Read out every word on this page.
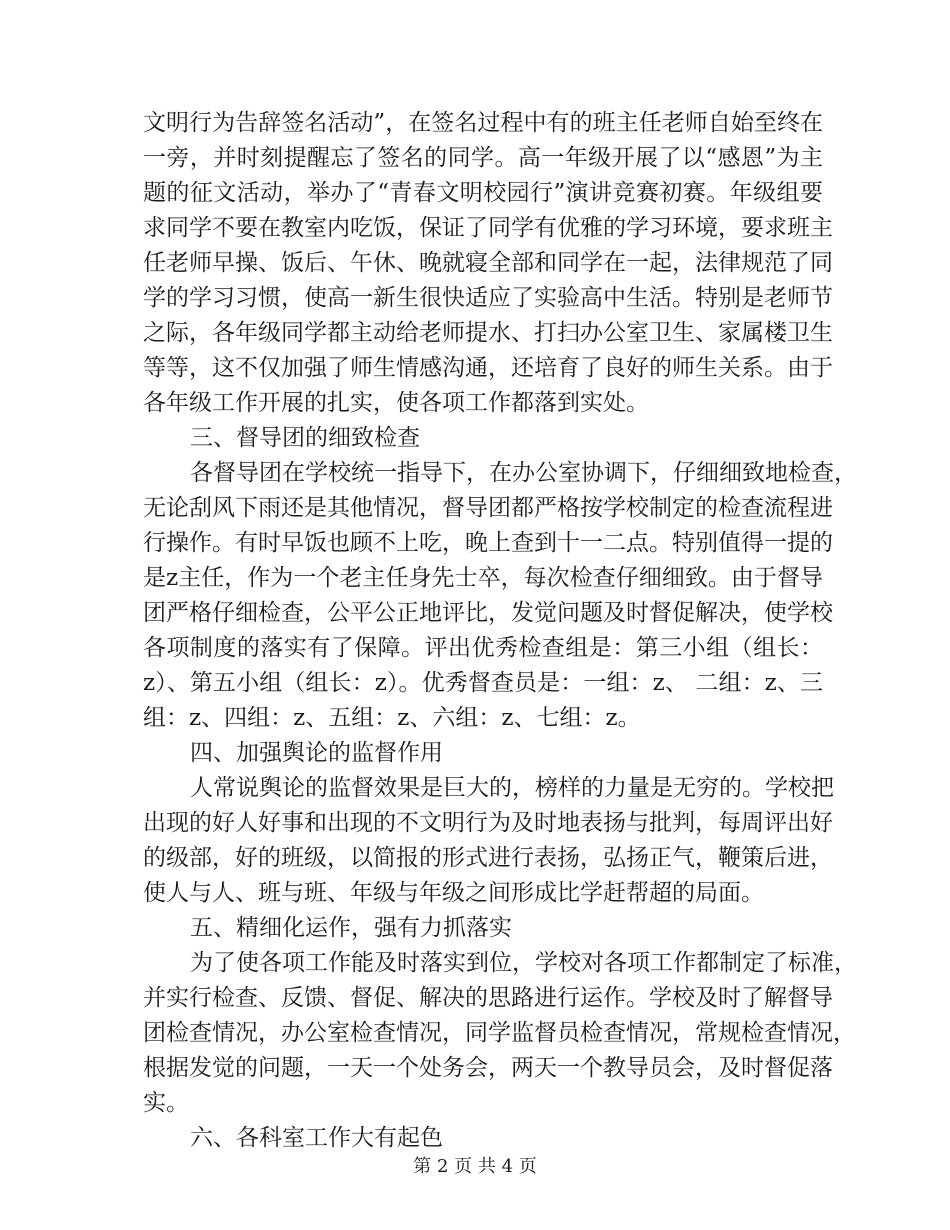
文明行为告辞签名活动”，在签名过程中有的班主任老师自始至终在
一旁，并时刻提醒忘了签名的同学。高一年级开展了以“感恩”为主
题的征文活动，举办了“青春文明校园行”演讲竞赛初赛。年级组要
求同学不要在教室内吃饭，保证了同学有优雅的学习环境，要求班主
任老师早操、饭后、午休、晚就寝全部和同学在一起，法律规范了同
学的学习习惯，使高一新生很快适应了实验高中生活。特别是老师节
之际，各年级同学都主动给老师提水、打扫办公室卫生、家属楼卫生
等等，这不仅加强了师生情感沟通，还培育了良好的师生关系。由于
各年级工作开展的扎实，使各项工作都落到实处。
三、督导团的细致检查
各督导团在学校统一指导下，在办公室协调下，仔细细致地检查，
无论刮风下雨还是其他情况，督导团都严格按学校制定的检查流程进
行操作。有时早饭也顾不上吃，晚上查到十一二点。特别值得一提的
是z主任，作为一个老主任身先士卒，每次检查仔细细致。由于督导
团严格仔细检查，公平公正地评比，发觉问题及时督促解决，使学校
各项制度的落实有了保障。评出优秀检查组是：第三小组（组长：
z）、第五小组（组长：z）。优秀督查员是：一组：z、 二组：z、三
组：z、四组：z、五组：z、六组：z、七组：z。
四、加强舆论的监督作用
人常说舆论的监督效果是巨大的，榜样的力量是无穷的。学校把
出现的好人好事和出现的不文明行为及时地表扬与批判，每周评出好
的级部，好的班级，以简报的形式进行表扬，弘扬正气，鞭策后进，
使人与人、班与班、年级与年级之间形成比学赶帮超的局面。
五、精细化运作，强有力抓落实
为了使各项工作能及时落实到位，学校对各项工作都制定了标准，
并实行检查、反馈、督促、解决的思路进行运作。学校及时了解督导
团检查情况，办公室检查情况，同学监督员检查情况，常规检查情况，
根据发觉的问题，一天一个处务会，两天一个教导员会，及时督促落
实。
六、各科室工作大有起色
第 2 页 共 4 页
